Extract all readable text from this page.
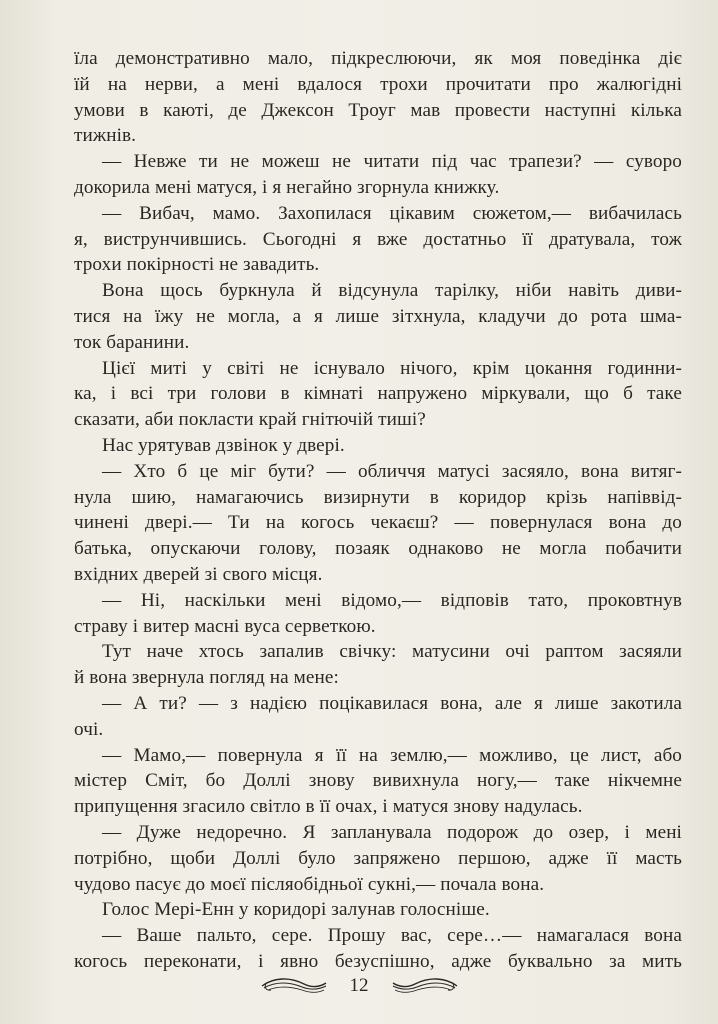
їла демонстративно мало, підкреслюючи, як моя поведінка діє
їй на нерви, а мені вдалося трохи прочитати про жалюгідні
умови в каюті, де Джексон Троуг мав провести наступні кілька
тижнів.
— Невже ти не можеш не читати під час трапези? — суворо
докорила мені матуся, і я негайно згорнула книжку.
— Вибач, мамо. Захопилася цікавим сюжетом,— вибачилась
я, виструнчившись. Сьогодні я вже достатньо її дратувала, тож
трохи покірності не завадить.
Вона щось буркнула й відсунула тарілку, ніби навіть диви-
тися на їжу не могла, а я лише зітхнула, кладучи до рота шма-
ток баранини.
Цієї миті у світі не існувало нічого, крім цокання годинни-
ка, і всі три голови в кімнаті напружено міркували, що б таке
сказати, аби покласти край гнітючій тиші?
Нас урятував дзвінок у двері.
— Хто б це міг бути? — обличчя матусі засяяло, вона витяг-
нула шию, намагаючись визирнути в коридор крізь напіввід-
чинені двері.— Ти на когось чекаєш? — повернулася вона до
батька, опускаючи голову, позаяк однаково не могла побачити
вхідних дверей зі свого місця.
— Ні, наскільки мені відомо,— відповів тато, проковтнув
страву і витер масні вуса серветкою.
Тут наче хтось запалив свічку: матусини очі раптом засяяли
й вона звернула погляд на мене:
— А ти? — з надією поцікавилася вона, але я лише закотила
очі.
— Мамо,— повернула я її на землю,— можливо, це лист, або
містер Сміт, бо Доллі знову вивихнула ногу,— таке нікчемне
припущення згасило світло в її очах, і матуся знову надулась.
— Дуже недоречно. Я запланувала подорож до озер, і мені
потрібно, щоби Доллі було запряжено першою, адже її масть
чудово пасує до моєї післяобідньої сукні,— почала вона.
Голос Мері-Енн у коридорі залунав голосніше.
— Ваше пальто, сере. Прошу вас, сере…— намагалася вона
когось переконати, і явно безуспішно, адже буквально за мить
12
